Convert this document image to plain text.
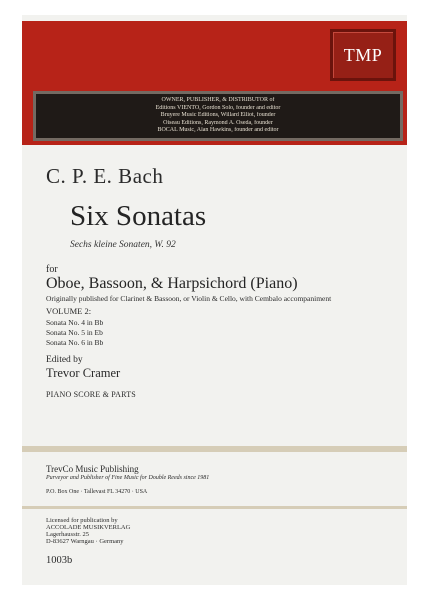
TMP
OWNER, PUBLISHER, & DISTRIBUTOR of
Editions VIENTO, Gordon Solo, founder and editor
Bruyere Music Editions, Willard Elliot, founder
Oiseau Editions, Raymond A. Oseda, founder
BOCAL Music, Alan Hawkins, founder and editor
C. P. E. Bach
Six Sonatas
Sechs kleine Sonaten, W. 92
for
Oboe, Bassoon, & Harpsichord (Piano)
Originally published for Clarinet & Bassoon, or Violin & Cello, with Cembalo accompaniment
VOLUME 2:
Sonata No. 4 in Bb
Sonata No. 5 in Eb
Sonata No. 6 in Bb
Edited by
Trevor Cramer
PIANO SCORE & PARTS
TrevCo Music Publishing
Purveyor and Publisher of Fine Music for Double Reeds since 1981
P.O. Box One · Tallevast FL 34270 · USA
Licensed for publication by
ACCOLADE MUSIKVERLAG
Lagerhausstr. 25
D-83627 Warngau · Germany
1003b
